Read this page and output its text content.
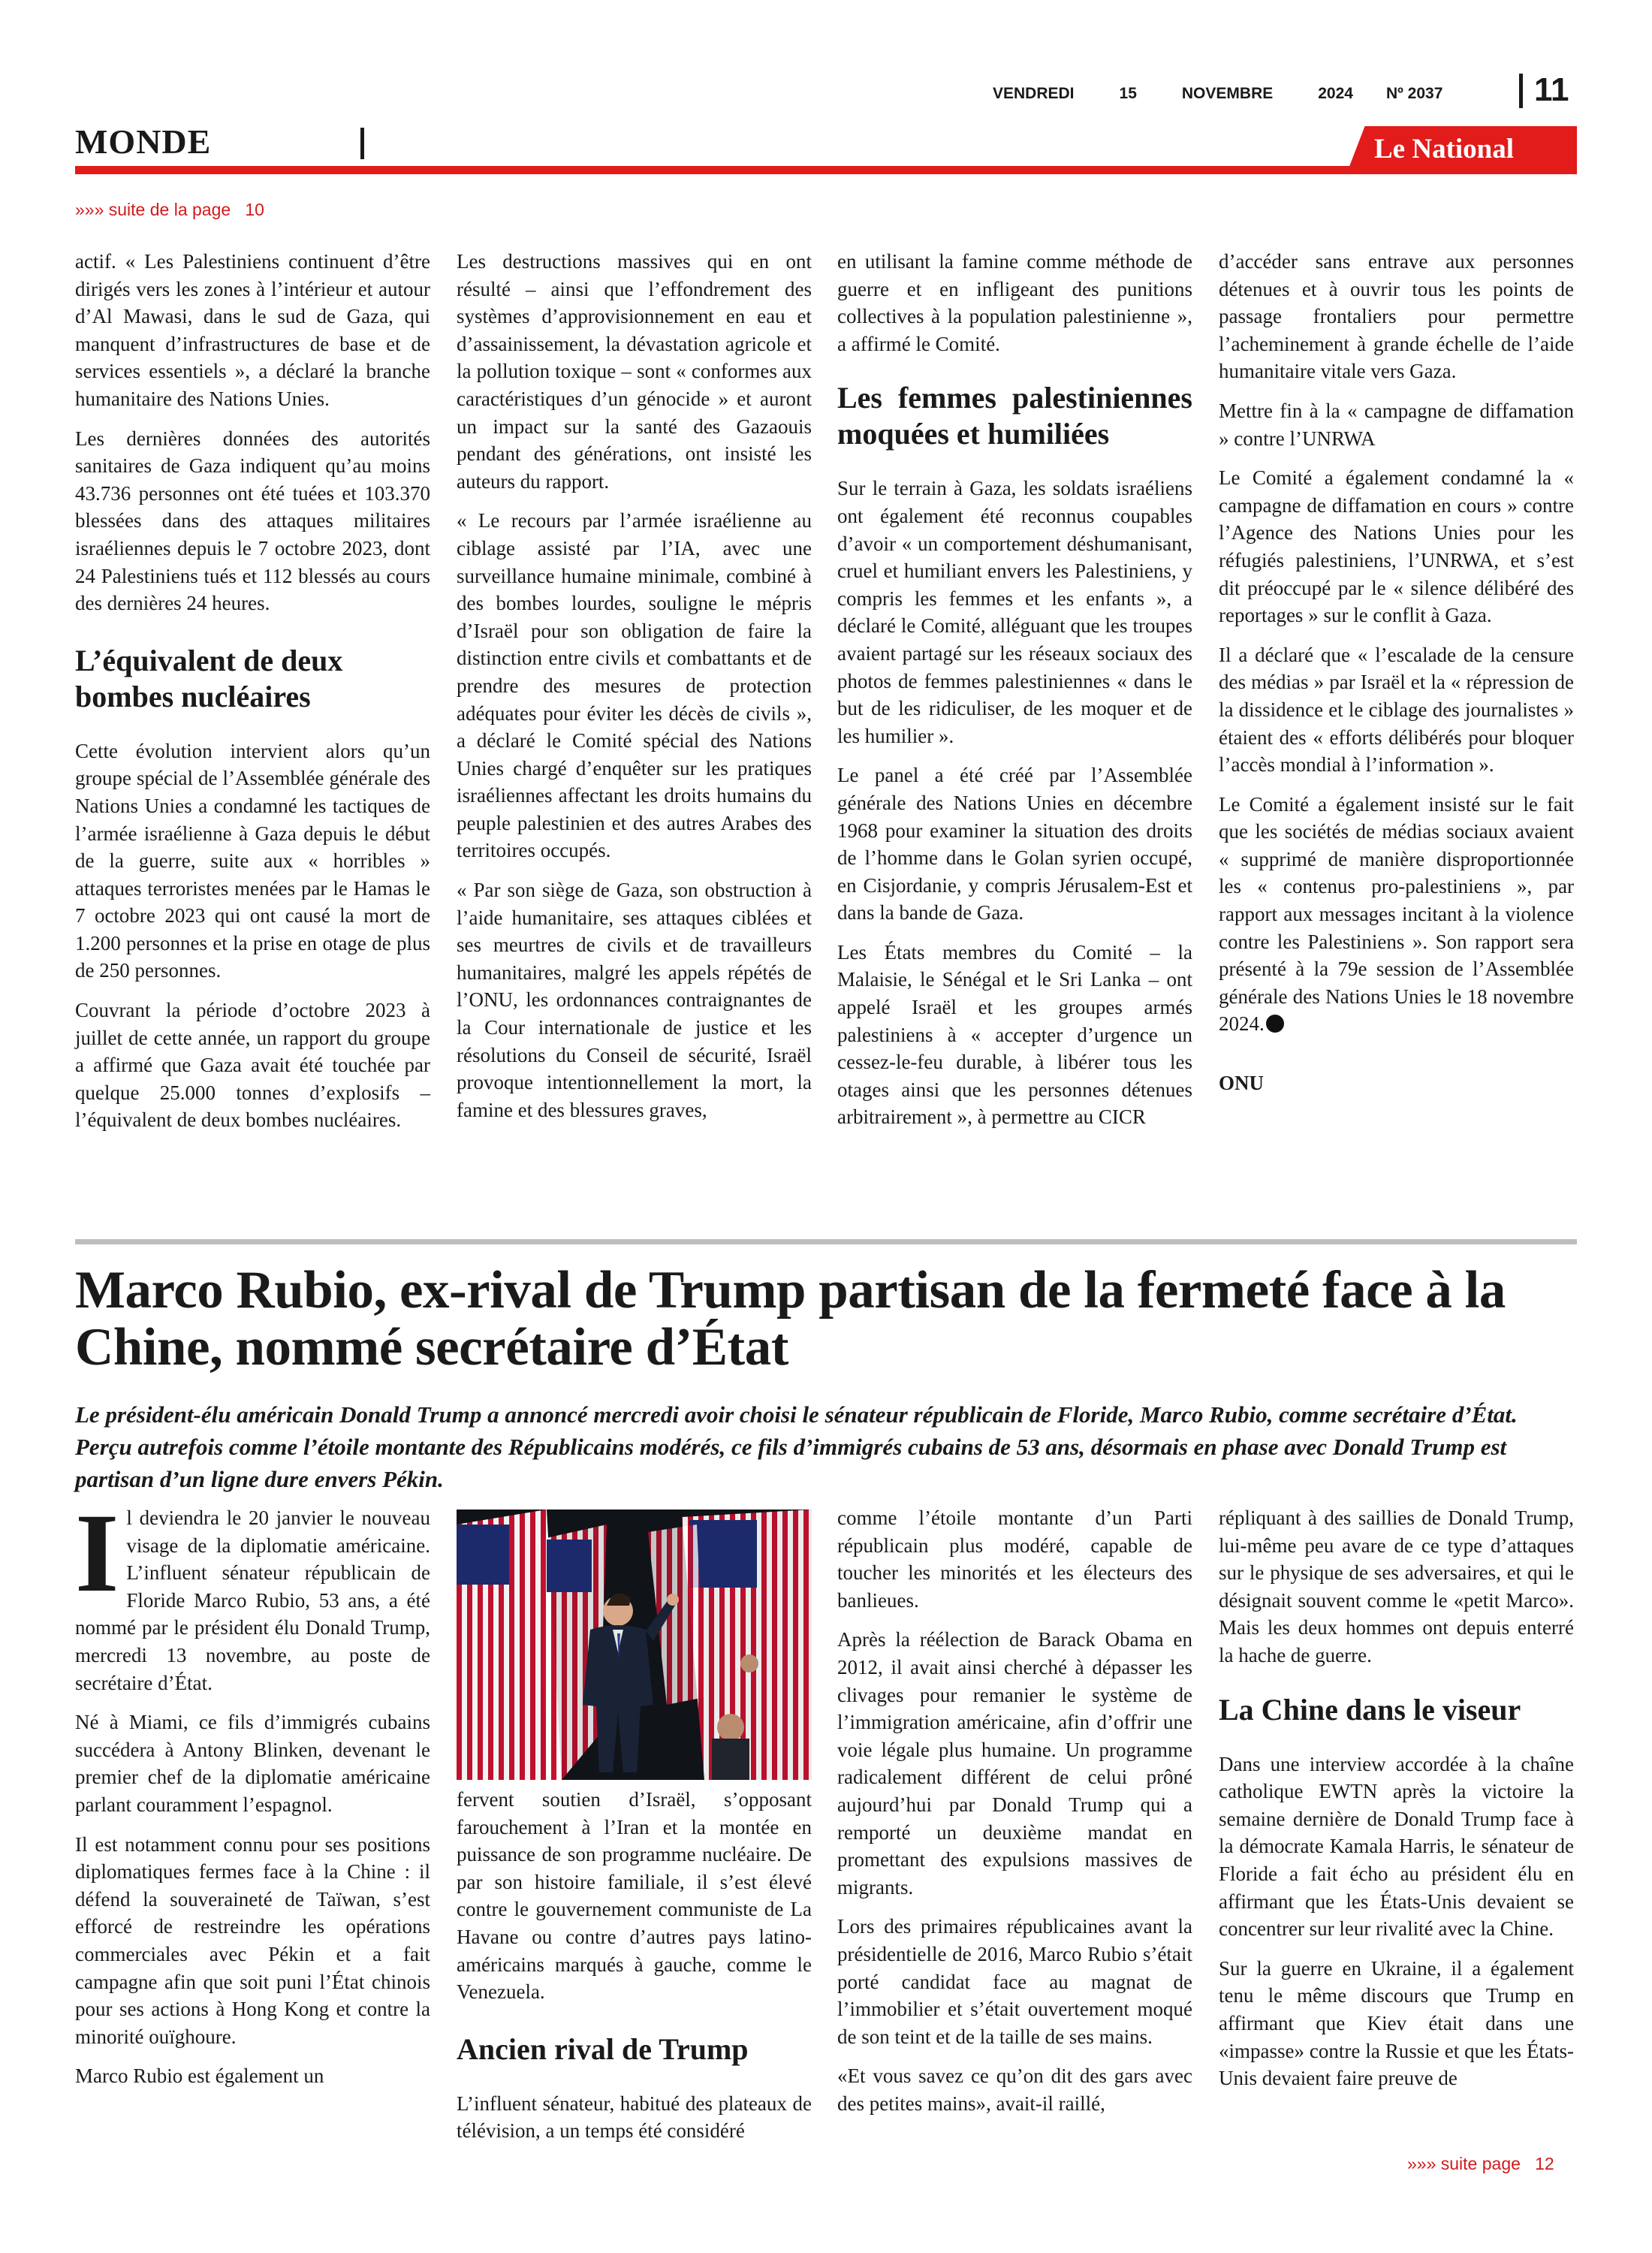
VENDREDI	15	NOVEMBRE	2024 Nº 2037	11
MONDE	Le National
»»» suite de la page   10

actif. « Les Palestiniens continuent d’être dirigés vers les zones à l’intérieur et autour d’Al Mawasi, dans le sud de Gaza, qui manquent d’infrastructures de base et de services essentiels », a déclaré la branche humanitaire des Nations Unies.

Les dernières données des autorités sanitaires de Gaza indiquent qu’au moins 43.736 personnes ont été tuées et 103.370 blessées dans des attaques militaires israéliennes depuis le 7 octobre 2023, dont 24 Palestiniens tués et 112 blessés au cours des dernières 24 heures.

L’équivalent de deux bombes nucléaires

Cette évolution intervient alors qu’un groupe spécial de l’Assemblée générale des Nations Unies a condamné les tactiques de l’armée israélienne à Gaza depuis le début de la guerre, suite aux « horribles » attaques terroristes menées par le Hamas le 7 octobre 2023 qui ont causé la mort de 1.200 personnes et la prise en otage de plus de 250 personnes.

Couvrant la période d’octobre 2023 à juillet de cette année, un rapport du groupe a affirmé que Gaza avait été touchée par quelque 25.000 tonnes d’explosifs – l’équivalent de deux bombes nucléaires.

Les destructions massives qui en ont résulté – ainsi que l’effondrement des systèmes d’approvisionnement en eau et d’assainissement, la dévastation agricole et la pollution toxique – sont « conformes aux caractéristiques d’un génocide » et auront un impact sur la santé des Gazaouis pendant des générations, ont insisté les auteurs du rapport.

« Le recours par l’armée israélienne au ciblage assisté par l’IA, avec une surveillance humaine minimale, combiné à des bombes lourdes, souligne le mépris d’Israël pour son obligation de faire la distinction entre civils et combattants et de prendre des mesures de protection adéquates pour éviter les décès de civils », a déclaré le Comité spécial des Nations Unies chargé d’enquêter sur les pratiques israéliennes affectant les droits humains du peuple palestinien et des autres Arabes des territoires occupés.

« Par son siège de Gaza, son obstruction à l’aide humanitaire, ses attaques ciblées et ses meurtres de civils et de travailleurs humanitaires, malgré les appels répétés de l’ONU, les ordonnances contraignantes de la Cour internationale de justice et les résolutions du Conseil de sécurité, Israël provoque intentionnellement la mort, la famine et des blessures graves,

en utilisant la famine comme méthode de guerre et en infligeant des punitions collectives à la population palestinienne », a affirmé le Comité.

Les femmes palestiniennes moquées et humiliées

Sur le terrain à Gaza, les soldats israéliens ont également été reconnus coupables d’avoir « un comportement déshumanisant, cruel et humiliant envers les Palestiniens, y compris les femmes et les enfants », a déclaré le Comité, alléguant que les troupes avaient partagé sur les réseaux sociaux des photos de femmes palestiniennes « dans le but de les ridiculiser, de les moquer et de les humilier ».

Le panel a été créé par l’Assemblée générale des Nations Unies en décembre 1968 pour examiner la situation des droits de l’homme dans le Golan syrien occupé, en Cisjordanie, y compris Jérusalem-Est et dans la bande de Gaza.

Les États membres du Comité – la Malaisie, le Sénégal et le Sri Lanka – ont appelé Israël et les groupes armés palestiniens à « accepter d’urgence un cessez-le-feu durable, à libérer tous les otages ainsi que les personnes détenues arbitrairement », à permettre au CICR

d’accéder sans entrave aux personnes détenues et à ouvrir tous les points de passage frontaliers pour permettre l’acheminement à grande échelle de l’aide humanitaire vitale vers Gaza.

Mettre fin à la « campagne de diffamation » contre l’UNRWA

Le Comité a également condamné la « campagne de diffamation en cours » contre l’Agence des Nations Unies pour les réfugiés palestiniens, l’UNRWA, et s’est dit préoccupé par le « silence délibéré des reportages » sur le conflit à Gaza.

Il a déclaré que « l’escalade de la censure des médias » par Israël et la « répression de la dissidence et le ciblage des journalistes » étaient des « efforts délibérés pour bloquer l’accès mondial à l’information ».

Le Comité a également insisté sur le fait que les sociétés de médias sociaux avaient « supprimé de manière disproportionnée les « contenus pro-palestiniens », par rapport aux messages incitant à la violence contre les Palestiniens ». Son rapport sera présenté à la 79e session de l’Assemblée générale des Nations Unies le 18 novembre 2024.

ONU

Marco Rubio, ex-rival de Trump partisan de la fermeté face à la Chine, nommé secrétaire d’État
Le président-élu américain Donald Trump a annoncé mercredi avoir choisi le sénateur républicain de Floride, Marco Rubio, comme secrétaire d’État. Perçu autrefois comme l’étoile montante des Républicains modérés, ce fils d’immigrés cubains de 53 ans, désormais en phase avec Donald Trump est partisan d’un ligne dure envers Pékin.

Il deviendra le 20 janvier le nouveau visage de la diplomatie américaine. L’influent sénateur républicain de Floride Marco Rubio, 53 ans, a été nommé par le président élu Donald Trump, mercredi 13 novembre, au poste de secrétaire d’État.

Né à Miami, ce fils d’immigrés cubains succédera à Antony Blinken, devenant le premier chef de la diplomatie américaine parlant couramment l’espagnol.

Il est notamment connu pour ses positions diplomatiques fermes face à la Chine : il défend la souveraineté de Taïwan, s’est efforcé de restreindre les opérations commerciales avec Pékin et a fait campagne afin que soit puni l’État chinois pour ses actions à Hong Kong et contre la minorité ouïghoure.

Marco Rubio est également un

fervent soutien d’Israël, s’opposant farouchement à l’Iran et la montée en puissance de son programme nucléaire. De par son histoire familiale, il s’est élevé contre le gouvernement communiste de La Havane ou contre d’autres pays latino-américains marqués à gauche, comme le Venezuela.

Ancien rival de Trump

L’influent sénateur, habitué des plateaux de télévision, a un temps été considéré

comme l’étoile montante d’un Parti républicain plus modéré, capable de toucher les minorités et les électeurs des banlieues.

Après la réélection de Barack Obama en 2012, il avait ainsi cherché à dépasser les clivages pour remanier le système de l’immigration américaine, afin d’offrir une voie légale plus humaine. Un programme radicalement différent de celui prôné aujourd’hui par Donald Trump qui a remporté un deuxième mandat en promettant des expulsions massives de migrants.

Lors des primaires républicaines avant la présidentielle de 2016, Marco Rubio s’était porté candidat face au magnat de l’immobilier et s’était ouvertement moqué de son teint et de la taille de ses mains.

«Et vous savez ce qu’on dit des gars avec des petites mains», avait-il raillé,

répliquant à des saillies de Donald Trump, lui-même peu avare de ce type d’attaques sur le physique de ses adversaires, et qui le désignait souvent comme le «petit Marco». Mais les deux hommes ont depuis enterré la hache de guerre.

La Chine dans le viseur

Dans une interview accordée à la chaîne catholique EWTN après la victoire la semaine dernière de Donald Trump face à la démocrate Kamala Harris, le sénateur de Floride a fait écho au président élu en affirmant que les États-Unis devaient se concentrer sur leur rivalité avec la Chine.

Sur la guerre en Ukraine, il a également tenu le même discours que Trump en affirmant que Kiev était dans une «impasse» contre la Russie et que les États-Unis devaient faire preuve de

»»» suite page   12
